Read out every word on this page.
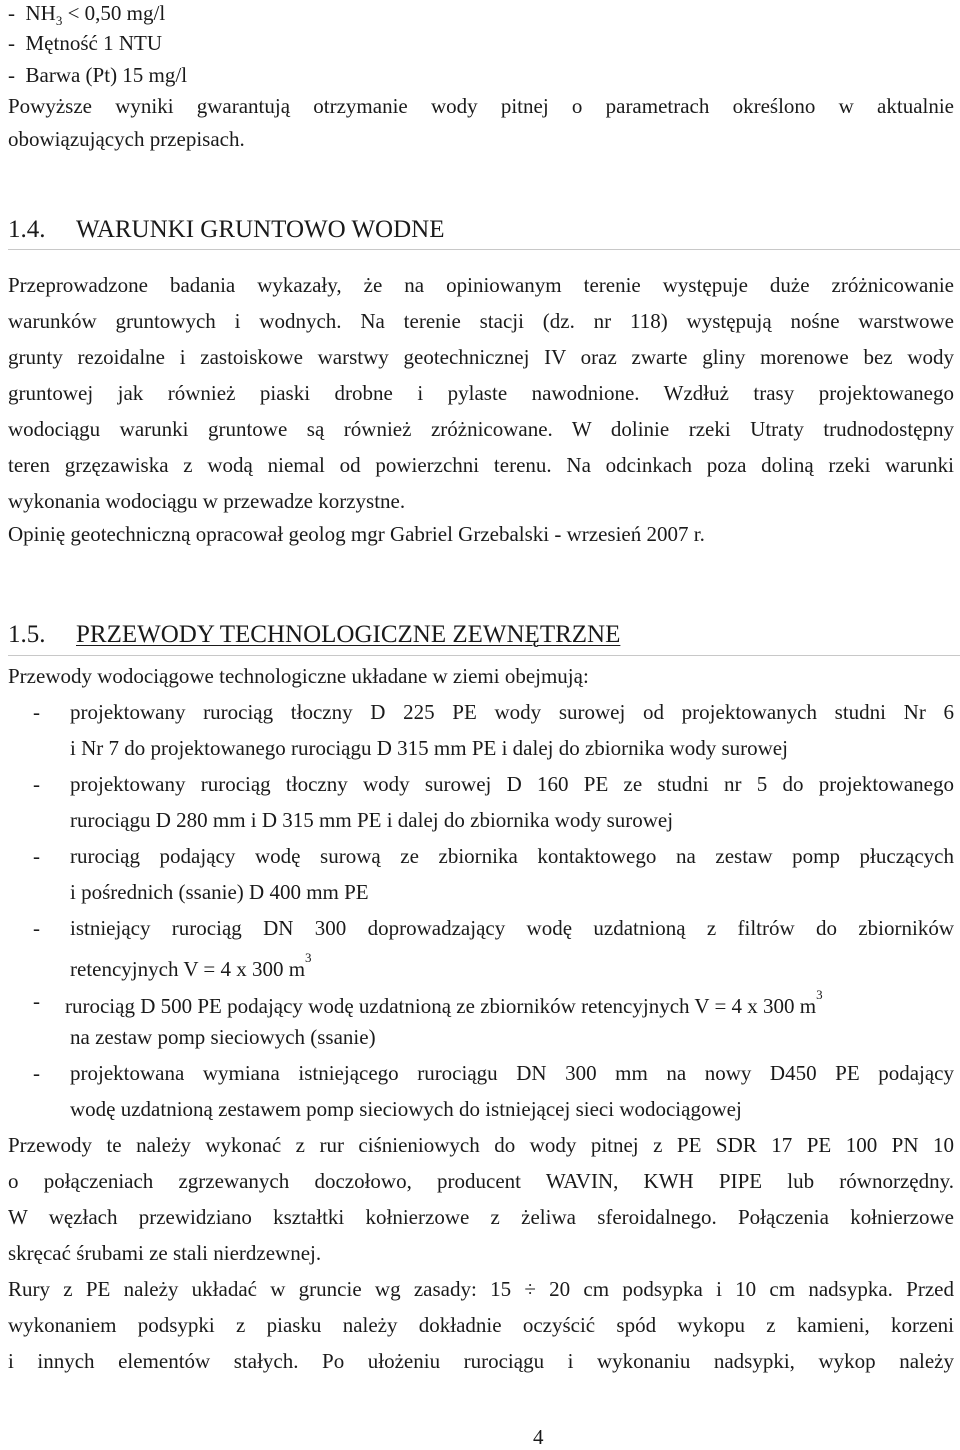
- $NH_3 < 0,50$ mg/l
- Mętność 1 NTU
- Barwa (Pt) 15 mg/l
Powyższe wyniki gwarantują otrzymanie wody pitnej o parametrach określono w aktualnie
obowiązujących przepisach.
1.4. WARUNKI GRUNTOWO WODNE
Przeprowadzone badania wykazały, że na opiniowanym terenie występuje duże zróżnicowanie
warunków gruntowych i wodnych. Na terenie stacji (dz. nr 118) występują nośne warstwowe
grunty rezoidalne i zastoiskowe warstwy geotechnicznej IV oraz zwarte gliny morenowe bez wody
gruntowej jak również piaski drobne i pylaste nawodnione. Wzdłuż trasy projektowanego
wodociągu warunki gruntowe są również zróżnicowane. W dolinie rzeki Utraty trudnodostępny
teren grzęzawiska z wodą niemal od powierzchni terenu. Na odcinkach poza doliną rzeki warunki
wykonania wodociągu w przewadze korzystne.
Opinię geotechniczną opracował geolog mgr Gabriel Grzebalski - wrzesień 2007 r.
1.5. PRZEWODY TECHNOLOGICZNE ZEWNĘTRZNE
Przewody wodociągowe technologiczne układane w ziemi obejmują:
- projektowany rurociąg tłoczny D 225 PE wody surowej od projektowanych studni Nr 6
i Nr 7 do projektowanego rurociągu D 315 mm PE i dalej do zbiornika wody surowej
- projektowany rurociąg tłoczny wody surowej D 160 PE ze studni nr 5 do projektowanego
rurociągu D 280 mm i D 315 mm PE i dalej do zbiornika wody surowej
- rurociąg podający wodę surową ze zbiornika kontaktowego na zestaw pomp płuczących
i pośrednich (ssanie) D 400 mm PE
- istniejący rurociąg DN 300 doprowadzający wodę uzdatnioną z filtrów do zbiorników
retencyjnych V = 4 x 300 $m^3$
- rurociąg D 500 PE podający wodę uzdatnioną ze zbiorników retencyjnych V = 4 x 300 $m^3$
na zestaw pomp sieciowych (ssanie)
- projektowana wymiana istniejącego rurociągu DN 300 mm na nowy D450 PE podający
wodę uzdatnioną zestawem pomp sieciowych do istniejącej sieci wodociągowej
Przewody te należy wykonać z rur ciśnieniowych do wody pitnej z PE SDR 17 PE 100 PN 10
o połączeniach zgrzewanych doczołowo, producent WAVIN, KWH PIPE lub równorzędny.
W węzłach przewidziano kształtki kołnierzowe z żeliwa sferoidalnego. Połączenia kołnierzowe
skręcać śrubami ze stali nierdzewnej.
Rury z PE należy układać w gruncie wg zasady: 15 ÷ 20 cm podsypka i 10 cm nadsypka. Przed
wykonaniem podsypki z piasku należy dokładnie oczyścić spód wykopu z kamieni, korzeni
i innych elementów stałych. Po ułożeniu rurociągu i wykonaniu nadsypki, wykop należy
4
